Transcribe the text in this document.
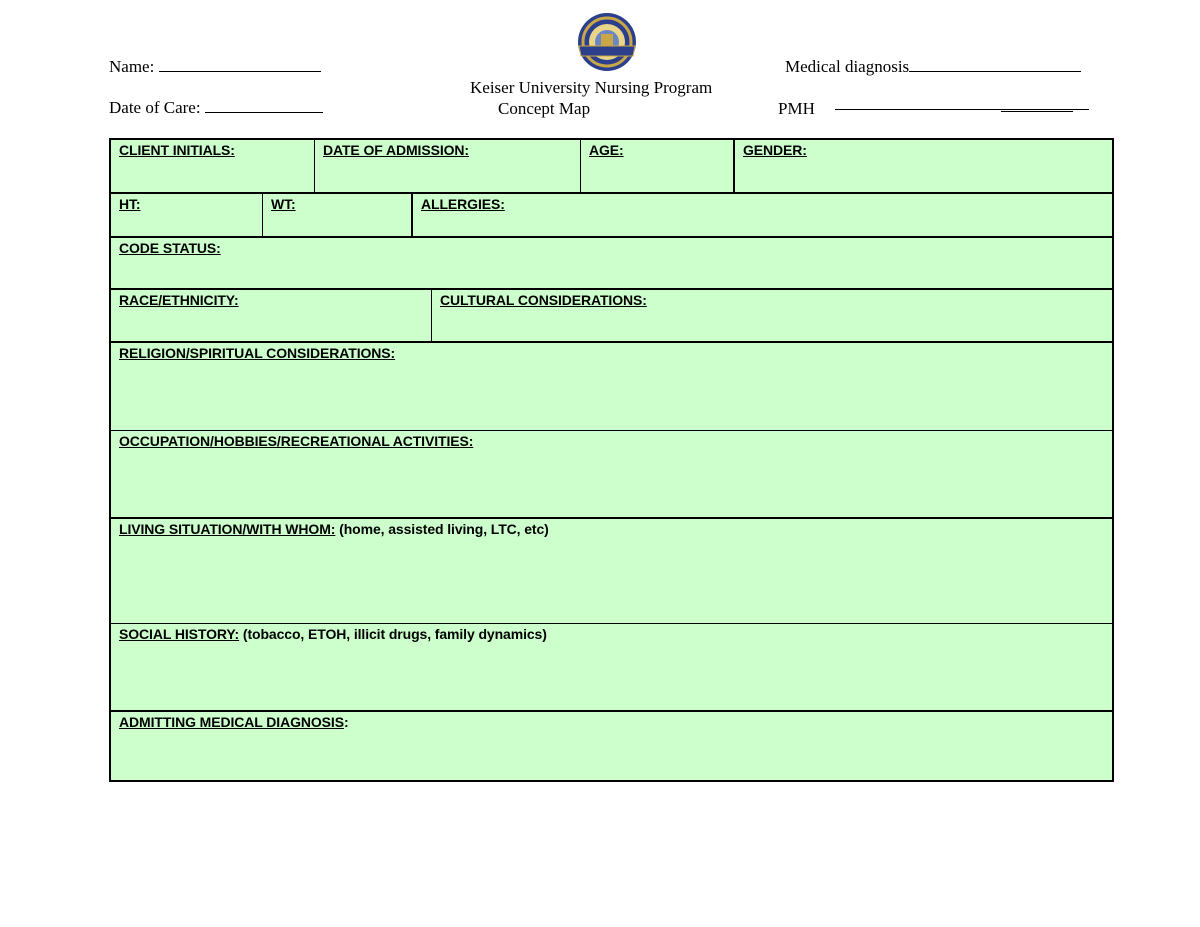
Name:
Date of Care:
Keiser University Nursing Program
Concept Map
Medical diagnosis
PMH
CLIENT INITIALS:	DATE OF ADMISSION:	AGE:	GENDER:
HT:	WT:	ALLERGIES:
CODE STATUS:
RACE/ETHNICITY:	CULTURAL CONSIDERATIONS:
RELIGION/SPIRITUAL CONSIDERATIONS:
OCCUPATION/HOBBIES/RECREATIONAL ACTIVITIES:
LIVING SITUATION/WITH WHOM: (home, assisted living, LTC, etc)
SOCIAL HISTORY: (tobacco, ETOH, illicit drugs, family dynamics)
ADMITTING MEDICAL DIAGNOSIS:
